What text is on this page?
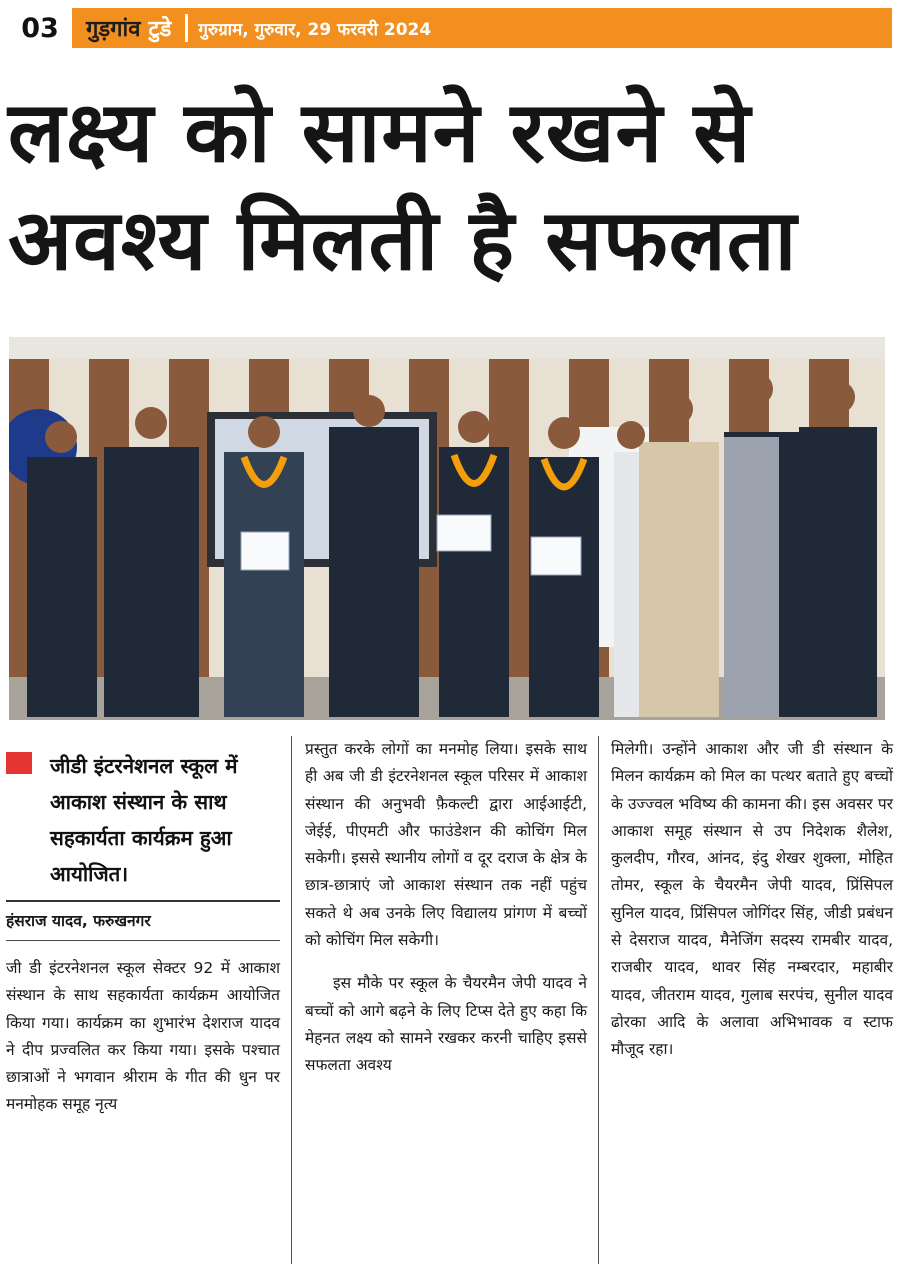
03	गुड़गांव टुडे गुरुग्राम, गुरुवार, 29 फरवरी 2024
लक्ष्य को सामने रखने से
अवश्य मिलती है सफलता
जीडी इंटरनेशनल स्कूल में आकाश संस्थान के साथ सहकार्यता कार्यक्रम हुआ आयोजित।
हंसराज यादव, फरुखनगर

जी डी इंटरनेशनल स्कूल सेक्टर 92 में आकाश संस्थान के साथ सहकार्यता कार्यक्रम आयोजित किया गया। कार्यक्रम का शुभारंभ देशराज यादव ने दीप प्रज्वलित कर किया गया। इसके पश्चात छात्राओं ने भगवान श्रीराम के गीत की धुन पर मनमोहक समूह नृत्य

प्रस्तुत करके लोगों का मनमोह लिया। इसके साथ ही अब जी डी इंटरनेशनल स्कूल परिसर में आकाश संस्थान की अनुभवी फ़ैकल्टी द्वारा आईआईटी, जेईई, पीएमटी और फाउंडेशन की कोचिंग मिल सकेगी। इससे स्थानीय लोगों व दूर दराज के क्षेत्र के छात्र-छात्राएं जो आकाश संस्थान तक नहीं पहुंच सकते थे अब उनके लिए विद्यालय प्रांगण में बच्चों को कोचिंग मिल सकेगी।

इस मौके पर स्कूल के चैयरमैन जेपी यादव ने बच्चों को आगे बढ़ने के लिए टिप्स देते हुए कहा कि मेहनत लक्ष्य को सामने रखकर करनी चाहिए इससे सफलता अवश्य

मिलेगी। उन्होंने आकाश और जी डी संस्थान के मिलन कार्यक्रम को मिल का पत्थर बताते हुए बच्चों के उज्ज्वल भविष्य की कामना की। इस अवसर पर आकाश समूह संस्थान से उप निदेशक शैलेश, कुलदीप, गौरव, आंनद, इंदु शेखर शुक्ला, मोहित तोमर, स्कूल के चैयरमैन जेपी यादव, प्रिंसिपल सुनिल यादव, प्रिंसिपल जोगिंदर सिंह, जीडी प्रबंधन से देसराज यादव, मैनेजिंग सदस्य रामबीर यादव, राजबीर यादव, थावर सिंह नम्बरदार, महाबीर यादव, जीतराम यादव, गुलाब सरपंच, सुनील यादव ढोरका आदि के अलावा अभिभावक व स्टाफ मौजूद रहा।
